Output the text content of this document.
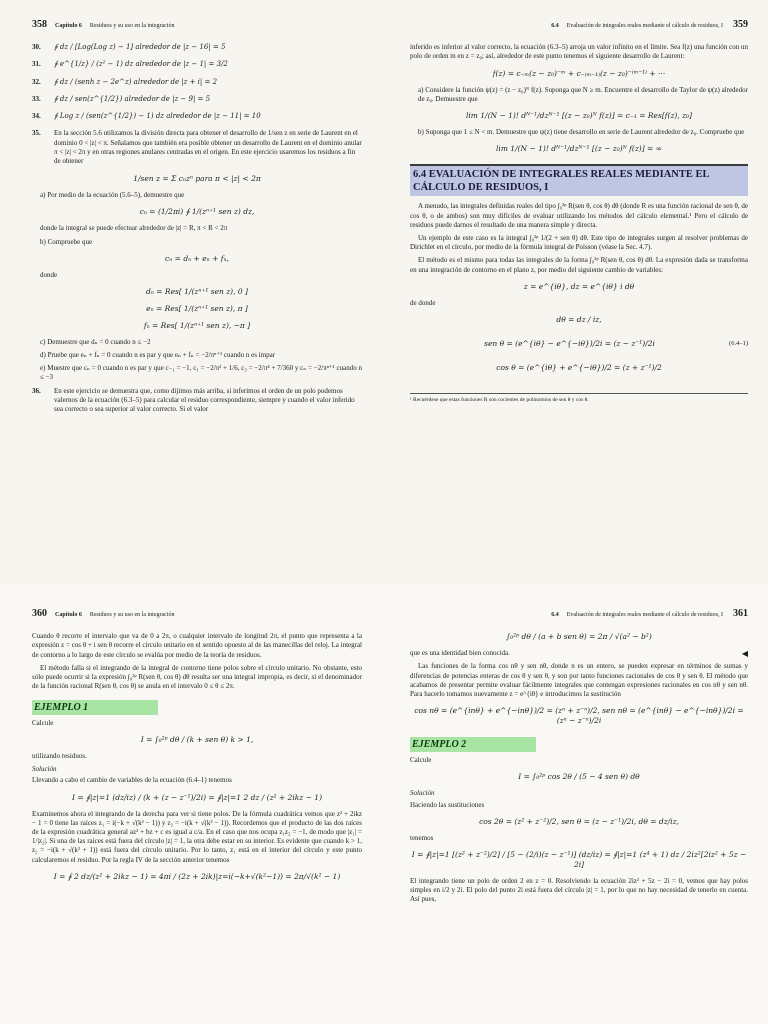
358 Capítulo 6 Residuos y su uso en la integración
30.	∮ dz / [Log(Log z) − 1] alrededor de |z − 16| = 5
31.	∮ e^{1/z} / (z² − 1) dz alrededor de |z − 1| = 3/2
32.	∮ dz / (senh z − 2e^z) alrededor de |z + i| = 2
33.	∮ dz / sen(z^{1/2}) alrededor de |z − 9| = 5
34.	∮ Log z / (sen(z^{1/2}) − 1) dz alrededor de |z − 11| = 10
35.	En la sección 5.6 utilizamos la división directa para obtener el desarrollo de 1/sen z en serie de Laurent en el dominio 0 < |z| < π. Señalamos que también era posible obtener un desarrollo de Laurent en el dominio anular π < |z| < 2π y en otras regiones anulares centradas en el origen. En este ejercicio usaremos los residuos a fin de obtener
1/sen z = Σ cₙzⁿ para π < |z| < 2π
a) Por medio de la ecuación (5.6–5), demuestre que
cₙ = (1/2πi) ∮ 1/(zⁿ⁺¹ sen z) dz,
donde la integral se puede efectuar alrededor de |z| = R, π < R < 2π
b) Compruebe que
cₙ = dₙ + eₙ + fₙ,
donde
dₙ = Res[ 1/(zⁿ⁺¹ sen z), 0 ]
eₙ = Res[ 1/(zⁿ⁺¹ sen z), π ]
fₙ = Res[ 1/(zⁿ⁺¹ sen z), −π ]
c) Demuestre que dₙ = 0 cuando n ≤ −2
d) Pruebe que eₙ + fₙ = 0 cuando n es par y que eₙ + fₙ = −2/πⁿ⁺¹ cuando n es impar
e) Muestre que cₙ = 0 cuando n es par y que c₋₁ = −1, c₁ = −2/π² + 1/6, c₃ = −2/π⁴ + 7/360 y cₙ = −2/πⁿ⁺¹ cuando n ≤ −3
36.	En este ejercicio se demuestra que, como dijimos más arriba, si inferimos el orden de un polo podemos valernos de la ecuación (6.3–5) para calcular el residuo correspondiente, siempre y cuando el valor inferido sea correcto o sea superior al valor correcto. Si el valor
6.4 Evaluación de integrales reales mediante el cálculo de residuos, I 359
inferido es inferior al valor correcto, la ecuación (6.3–5) arroja un valor infinito en el límite. Sea f(z) una función con un polo de orden m en z = z₀; así, alrededor de este punto tenemos el siguiente desarrollo de Laurent:
f(z) = c₋ₘ(z − z₀)⁻ᵐ + c₋₍ₘ₋₁₎(z − z₀)⁻⁽ᵐ⁻¹⁾ + ···
a) Considere la función ψ(z) = (z − z₀)ᴺ f(z). Suponga que N ≥ m. Encuentre el desarrollo de Taylor de ψ(z) alrededor de z₀. Demuestre que
lim 1/(N − 1)! dᴺ⁻¹/dzᴺ⁻¹ [(z − z₀)ᴺ f(z)] = c₋₁ = Res[f(z), z₀]
b) Suponga que 1 ≤ N < m. Demuestre que ψ(z) tiene desarrollo en serie de Laurent alrededor de z₀. Compruebe que
lim 1/(N − 1)! dᴺ⁻¹/dzᴺ⁻¹ [(z − z₀)ᴺ f(z)] = ∞
6.4 EVALUACIÓN DE INTEGRALES REALES MEDIANTE EL CÁLCULO DE RESIDUOS, I
A menudo, las integrales definidas reales del tipo ∫₀²ᵖ R(sen θ, cos θ) dθ (donde R es una función racional de sen θ, de cos θ, o de ambos) son muy difíciles de evaluar utilizando los métodos del cálculo elemental.¹ Pero el cálculo de residuos puede darnos el resultado de una manera simple y directa.
Un ejemplo de este caso es la integral ∫₀²ᵖ 1/(2 + sen θ) dθ. Este tipo de integrales surgen al resolver problemas de Dirichlet en el círculo, por medio de la fórmula integral de Poisson (véase la Sec. 4.7).
El método es el mismo para todas las integrales de la forma ∫₀²ᵖ R(sen θ, cos θ) dθ. La expresión dada se transforma en una integración de contorno en el plano z, por medio del siguiente cambio de variables:
z = e^{iθ}, dz = e^{iθ} i dθ
de donde
dθ = dz / iz,
sen θ = (e^{iθ} − e^{−iθ})/2i = (z − z⁻¹)/2i	(6.4–1)
cos θ = (e^{iθ} + e^{−iθ})/2 = (z + z⁻¹)/2
¹ Recuérdese que estas funciones R son cocientes de polinomios de sen θ y cos θ.
360 Capítulo 6 Residuos y su uso en la integración
Cuando θ recorre el intervalo que va de 0 a 2π, o cualquier intervalo de longitud 2π, el punto que representa a la expresión z = cos θ + i sen θ recorre el círculo unitario en el sentido opuesto al de las manecillas del reloj. La integral de contorno a lo largo de este círculo se evalúa por medio de la teoría de residuos.
El método falla si el integrando de la integral de contorno tiene polos sobre el círculo unitario. No obstante, esto sólo puede ocurrir si la expresión ∫₀²ᵖ R(sen θ, cos θ) dθ resulta ser una integral impropia, es decir, si el denominador de la función racional R(sen θ, cos θ) se anula en el intervalo 0 ≤ θ ≤ 2π.
EJEMPLO 1
Calcule
I = ∫₀²ᵖ dθ / (k + sen θ) k > 1,
utilizando residuos.
Solución
Llevando a cabo el cambio de variables de la ecuación (6.4–1) tenemos
I = ∮|z|=1 (dz/iz) / (k + (z − z⁻¹)/2i) = ∮|z|=1 2 dz / (z² + 2ikz − 1)
Examinemos ahora el integrando de la derecha para ver si tiene polos. De la fórmula cuadrática vemos que z² + 2ikz − 1 = 0 tiene las raíces z₁ = i(−k + √(k² − 1)) y z₂ = −i(k + √(k² − 1)). Recordemos que el producto de las dos raíces de la expresión cuadrática general az² + bz + c es igual a c/a. En el caso que nos ocupa z₁z₂ = −1, de modo que |z₁| = 1/|z₂|. Si una de las raíces está fuera del círculo |z| = 1, la otra debe estar en su interior. Es evidente que cuando k > 1, z₂ = −i(k + √(k² + 1)) está fuera del círculo unitario. Por lo tanto, z₁ está en el interior del círculo y este punto calcularemos el residuo. Por la regla IV de la sección anterior tenemos
I = ∮ 2 dz/(z² + 2ikz − 1) = 4πi / (2z + 2ik)|z=i(−k+√(k²−1)) = 2π/√(k² − 1)
6.4 Evaluación de integrales reales mediante el cálculo de residuos, I 361
∫₀²ᵖ dθ / (a + b sen θ) = 2π / √(a² − b²)
que es una identidad bien conocida.	◀
Las funciones de la forma cos nθ y sen nθ, donde n es un entero, se pueden expresar en términos de sumas y diferencias de potencias enteras de cos θ y sen θ, y son por tanto funciones racionales de cos θ y sen θ. El método que acabamos de presentar permite evaluar fácilmente integrales que contengan expresiones racionales en cos nθ y sen nθ. Para hacerlo tomamos nuevamente z = e^{iθ} e introducimos la sustitución
cos nθ = (e^{inθ} + e^{−inθ})/2 = (zⁿ + z⁻ⁿ)/2, sen nθ = (e^{inθ} − e^{−inθ})/2i = (zⁿ − z⁻ⁿ)/2i
EJEMPLO 2
Calcule
I = ∫₀²ᵖ cos 2θ / (5 − 4 sen θ) dθ
Solución
Haciendo las sustituciones
cos 2θ = (z² + z⁻²)/2, sen θ = (z − z⁻¹)/2i, dθ = dz/iz,
tenemos
I = ∮|z|=1 [(z² + z⁻²)/2] / [5 − (2/i)(z − z⁻¹)] (dz/iz) = ∮|z|=1 (z⁴ + 1) dz / 2iz²[2iz² + 5z − 2i]
El integrando tiene un polo de orden 2 en z = 0. Resolviendo la ecuación 2iz² + 5z − 2i = 0, vemos que hay polos simples en i/2 y 2i. El polo del punto 2i está fuera del círculo |z| = 1, por lo que no hay necesidad de tenerlo en cuenta. Así pues,
